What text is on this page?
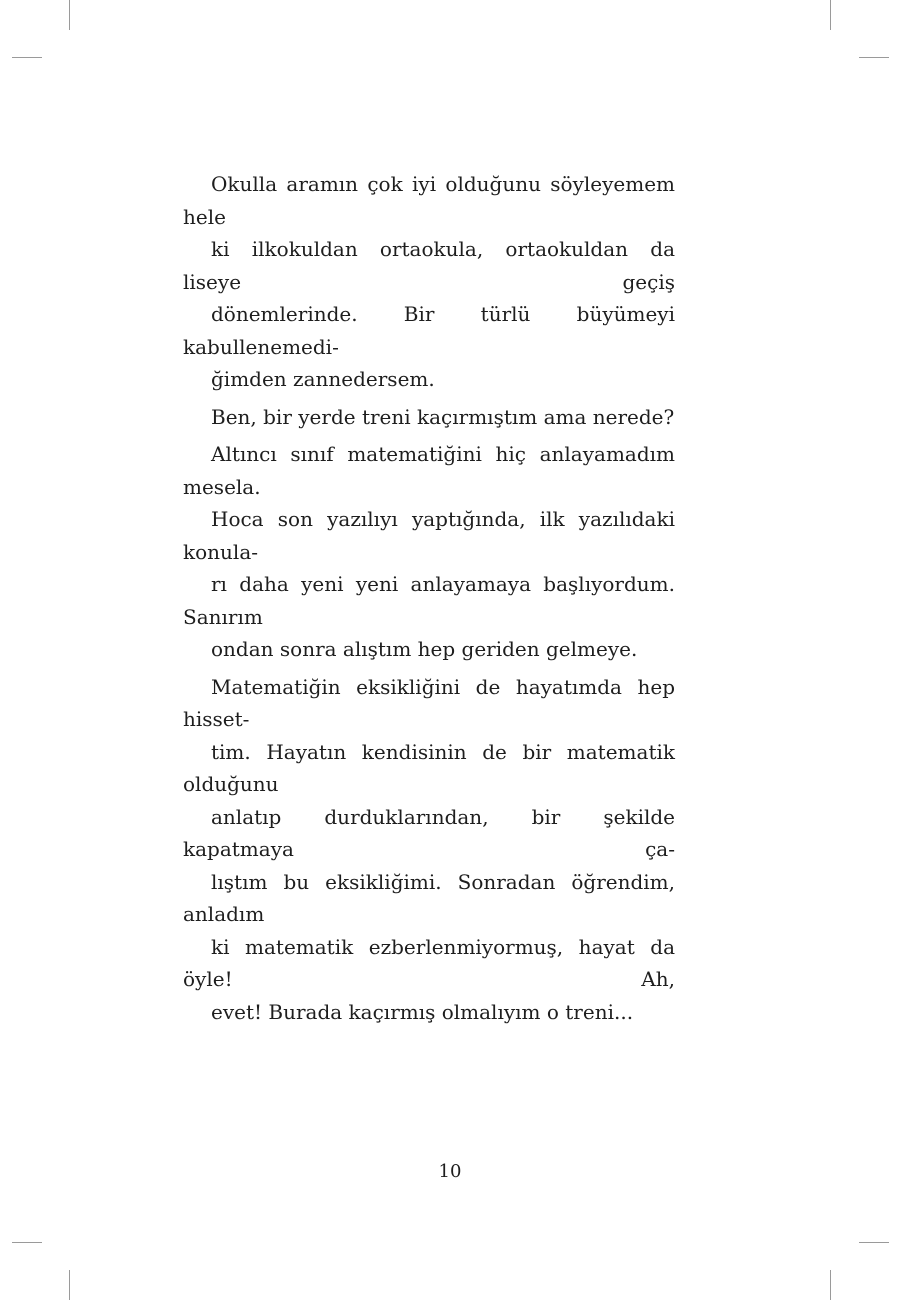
Okulla aramın çok iyi olduğunu söyleyemem hele
ki ilkokuldan ortaokula, ortaokuldan da liseye geçiş
dönemlerinde. Bir türlü büyümeyi kabullenemedi-
ğimden zannedersem.

Ben, bir yerde treni kaçırmıştım ama nerede?

Altıncı sınıf matematiğini hiç anlayamadım mesela.
Hoca son yazılıyı yaptığında, ilk yazılıdaki konula-
rı daha yeni yeni anlayamaya başlıyordum. Sanırım
ondan sonra alıştım hep geriden gelmeye.

Matematiğin eksikliğini de hayatımda hep hisset-
tim. Hayatın kendisinin de bir matematik olduğunu
anlatıp durduklarından, bir şekilde kapatmaya ça-
lıştım bu eksikliğimi. Sonradan öğrendim, anladım
ki matematik ezberlenmiyormuş, hayat da öyle! Ah,
evet! Burada kaçırmış olmalıyım o treni...

10
